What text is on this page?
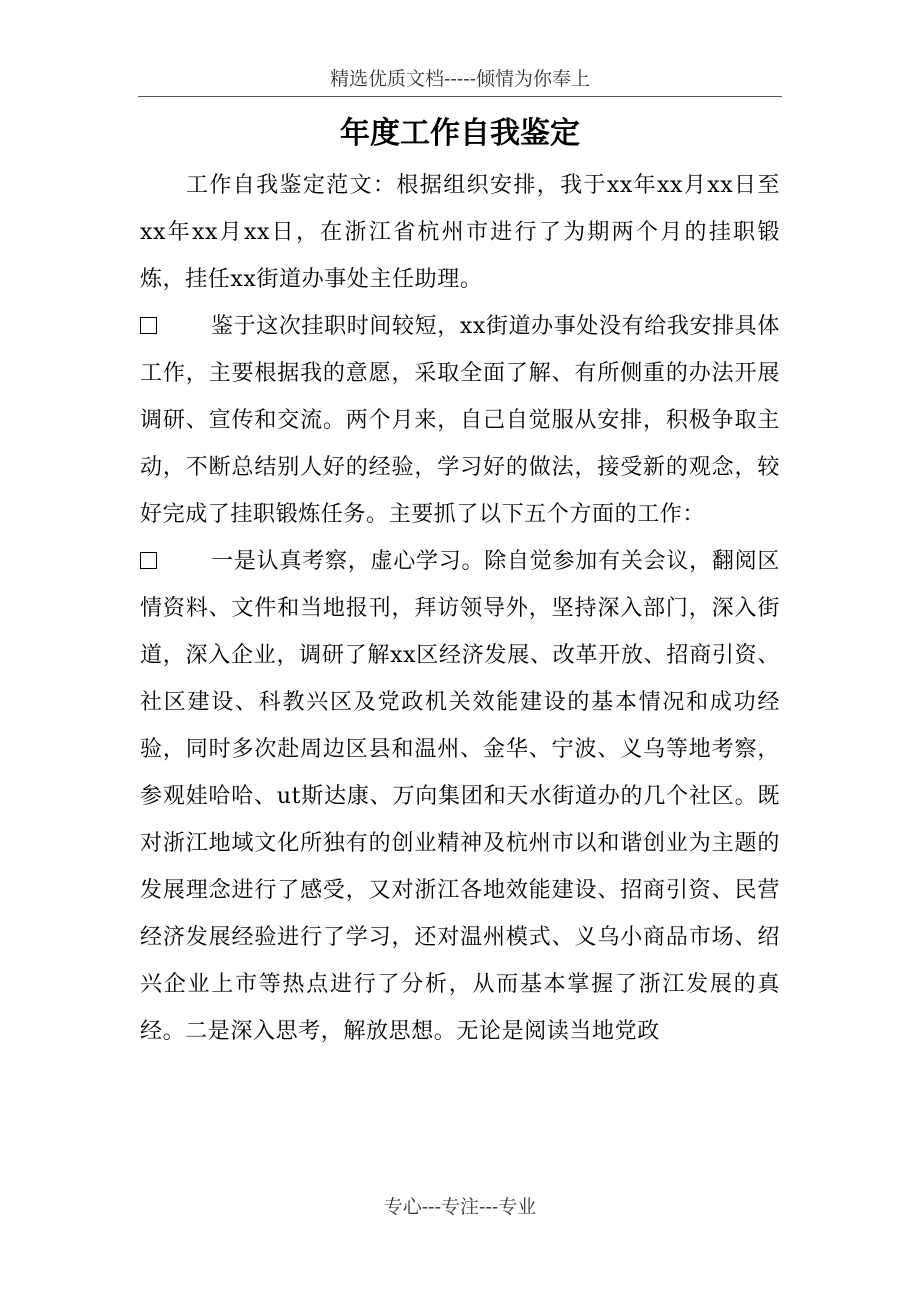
精选优质文档-----倾情为你奉上
年度工作自我鉴定

工作自我鉴定范文：根据组织安排，我于xx年xx月xx日至xx年xx月xx日，在浙江省杭州市进行了为期两个月的挂职锻炼，挂任xx街道办事处主任助理。

鉴于这次挂职时间较短，xx街道办事处没有给我安排具体工作，主要根据我的意愿，采取全面了解、有所侧重的办法开展调研、宣传和交流。两个月来，自己自觉服从安排，积极争取主动，不断总结别人好的经验，学习好的做法，接受新的观念，较好完成了挂职锻炼任务。主要抓了以下五个方面的工作：

一是认真考察，虚心学习。除自觉参加有关会议，翻阅区情资料、文件和当地报刊，拜访领导外，坚持深入部门，深入街道，深入企业，调研了解xx区经济发展、改革开放、招商引资、社区建设、科教兴区及党政机关效能建设的基本情况和成功经验，同时多次赴周边区县和温州、金华、宁波、义乌等地考察，参观娃哈哈、ut斯达康、万向集团和天水街道办的几个社区。既对浙江地域文化所独有的创业精神及杭州市以和谐创业为主题的发展理念进行了感受，又对浙江各地效能建设、招商引资、民营经济发展经验进行了学习，还对温州模式、义乌小商品市场、绍兴企业上市等热点进行了分析，从而基本掌握了浙江发展的真经。二是深入思考，解放思想。无论是阅读当地党政

专心---专注---专业
